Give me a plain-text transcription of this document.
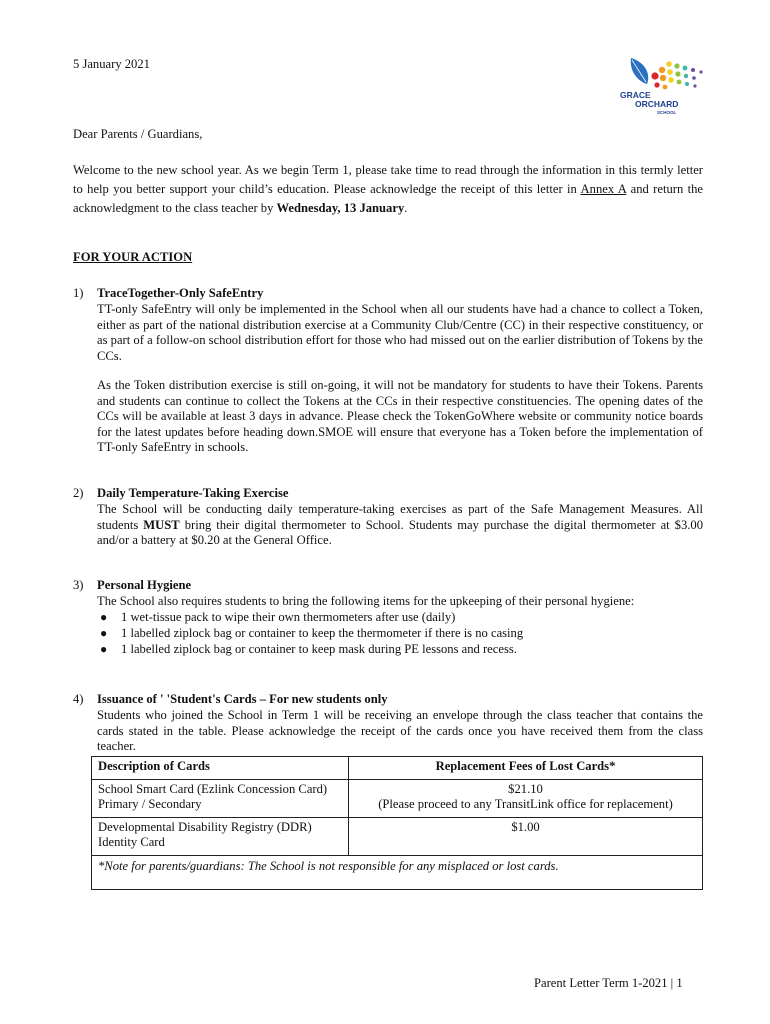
5 January 2021
GRACE
ORCHARD
SCHOOL
Dear Parents / Guardians,
Welcome to the new school year. As we begin Term 1, please take time to read through the information in this termly letter to help you better support your child’s education. Please acknowledge the receipt of this letter in Annex A and return the acknowledgment to the class teacher by Wednesday, 13 January.
FOR YOUR ACTION
1) TraceTogether-Only SafeEntry
TT-only SafeEntry will only be implemented in the School when all our students have had a chance to collect a Token, either as part of the national distribution exercise at a Community Club/Centre (CC) in their respective constituency, or as part of a follow-on school distribution effort for those who had missed out on the earlier distribution of Tokens by the CCs.
As the Token distribution exercise is still on-going, it will not be mandatory for students to have their Tokens. Parents and students can continue to collect the Tokens at the CCs in their respective constituencies. The opening dates of the CCs will be available at least 3 days in advance. Please check the TokenGoWhere website or community notice boards for the latest updates before heading down.SMOE will ensure that everyone has a Token before the implementation of TT-only SafeEntry in schools.
2) Daily Temperature-Taking Exercise
The School will be conducting daily temperature-taking exercises as part of the Safe Management Measures. All students MUST bring their digital thermometer to School. Students may purchase the digital thermometer at $3.00 and/or a battery at $0.20 at the General Office.
3) Personal Hygiene
The School also requires students to bring the following items for the upkeeping of their personal hygiene:
● 1 wet-tissue pack to wipe their own thermometers after use (daily)
● 1 labelled ziplock bag or container to keep the thermometer if there is no casing
● 1 labelled ziplock bag or container to keep mask during PE lessons and recess.
4) Issuance of ' 'Student's Cards – For new students only
Students who joined the School in Term 1 will be receiving an envelope through the class teacher that contains the cards stated in the table. Please acknowledge the receipt of the cards once you have received them from the class teacher.
Description of Cards	Replacement Fees of Lost Cards*
School Smart Card (Ezlink Concession Card) Primary / Secondary	$21.10
(Please proceed to any TransitLink office for replacement)

Developmental Disability Registry (DDR) Identity Card	$1.00

*Note for parents/guardians: The School is not responsible for any misplaced or lost cards.	
Parent Letter Term 1-2021 | 1
